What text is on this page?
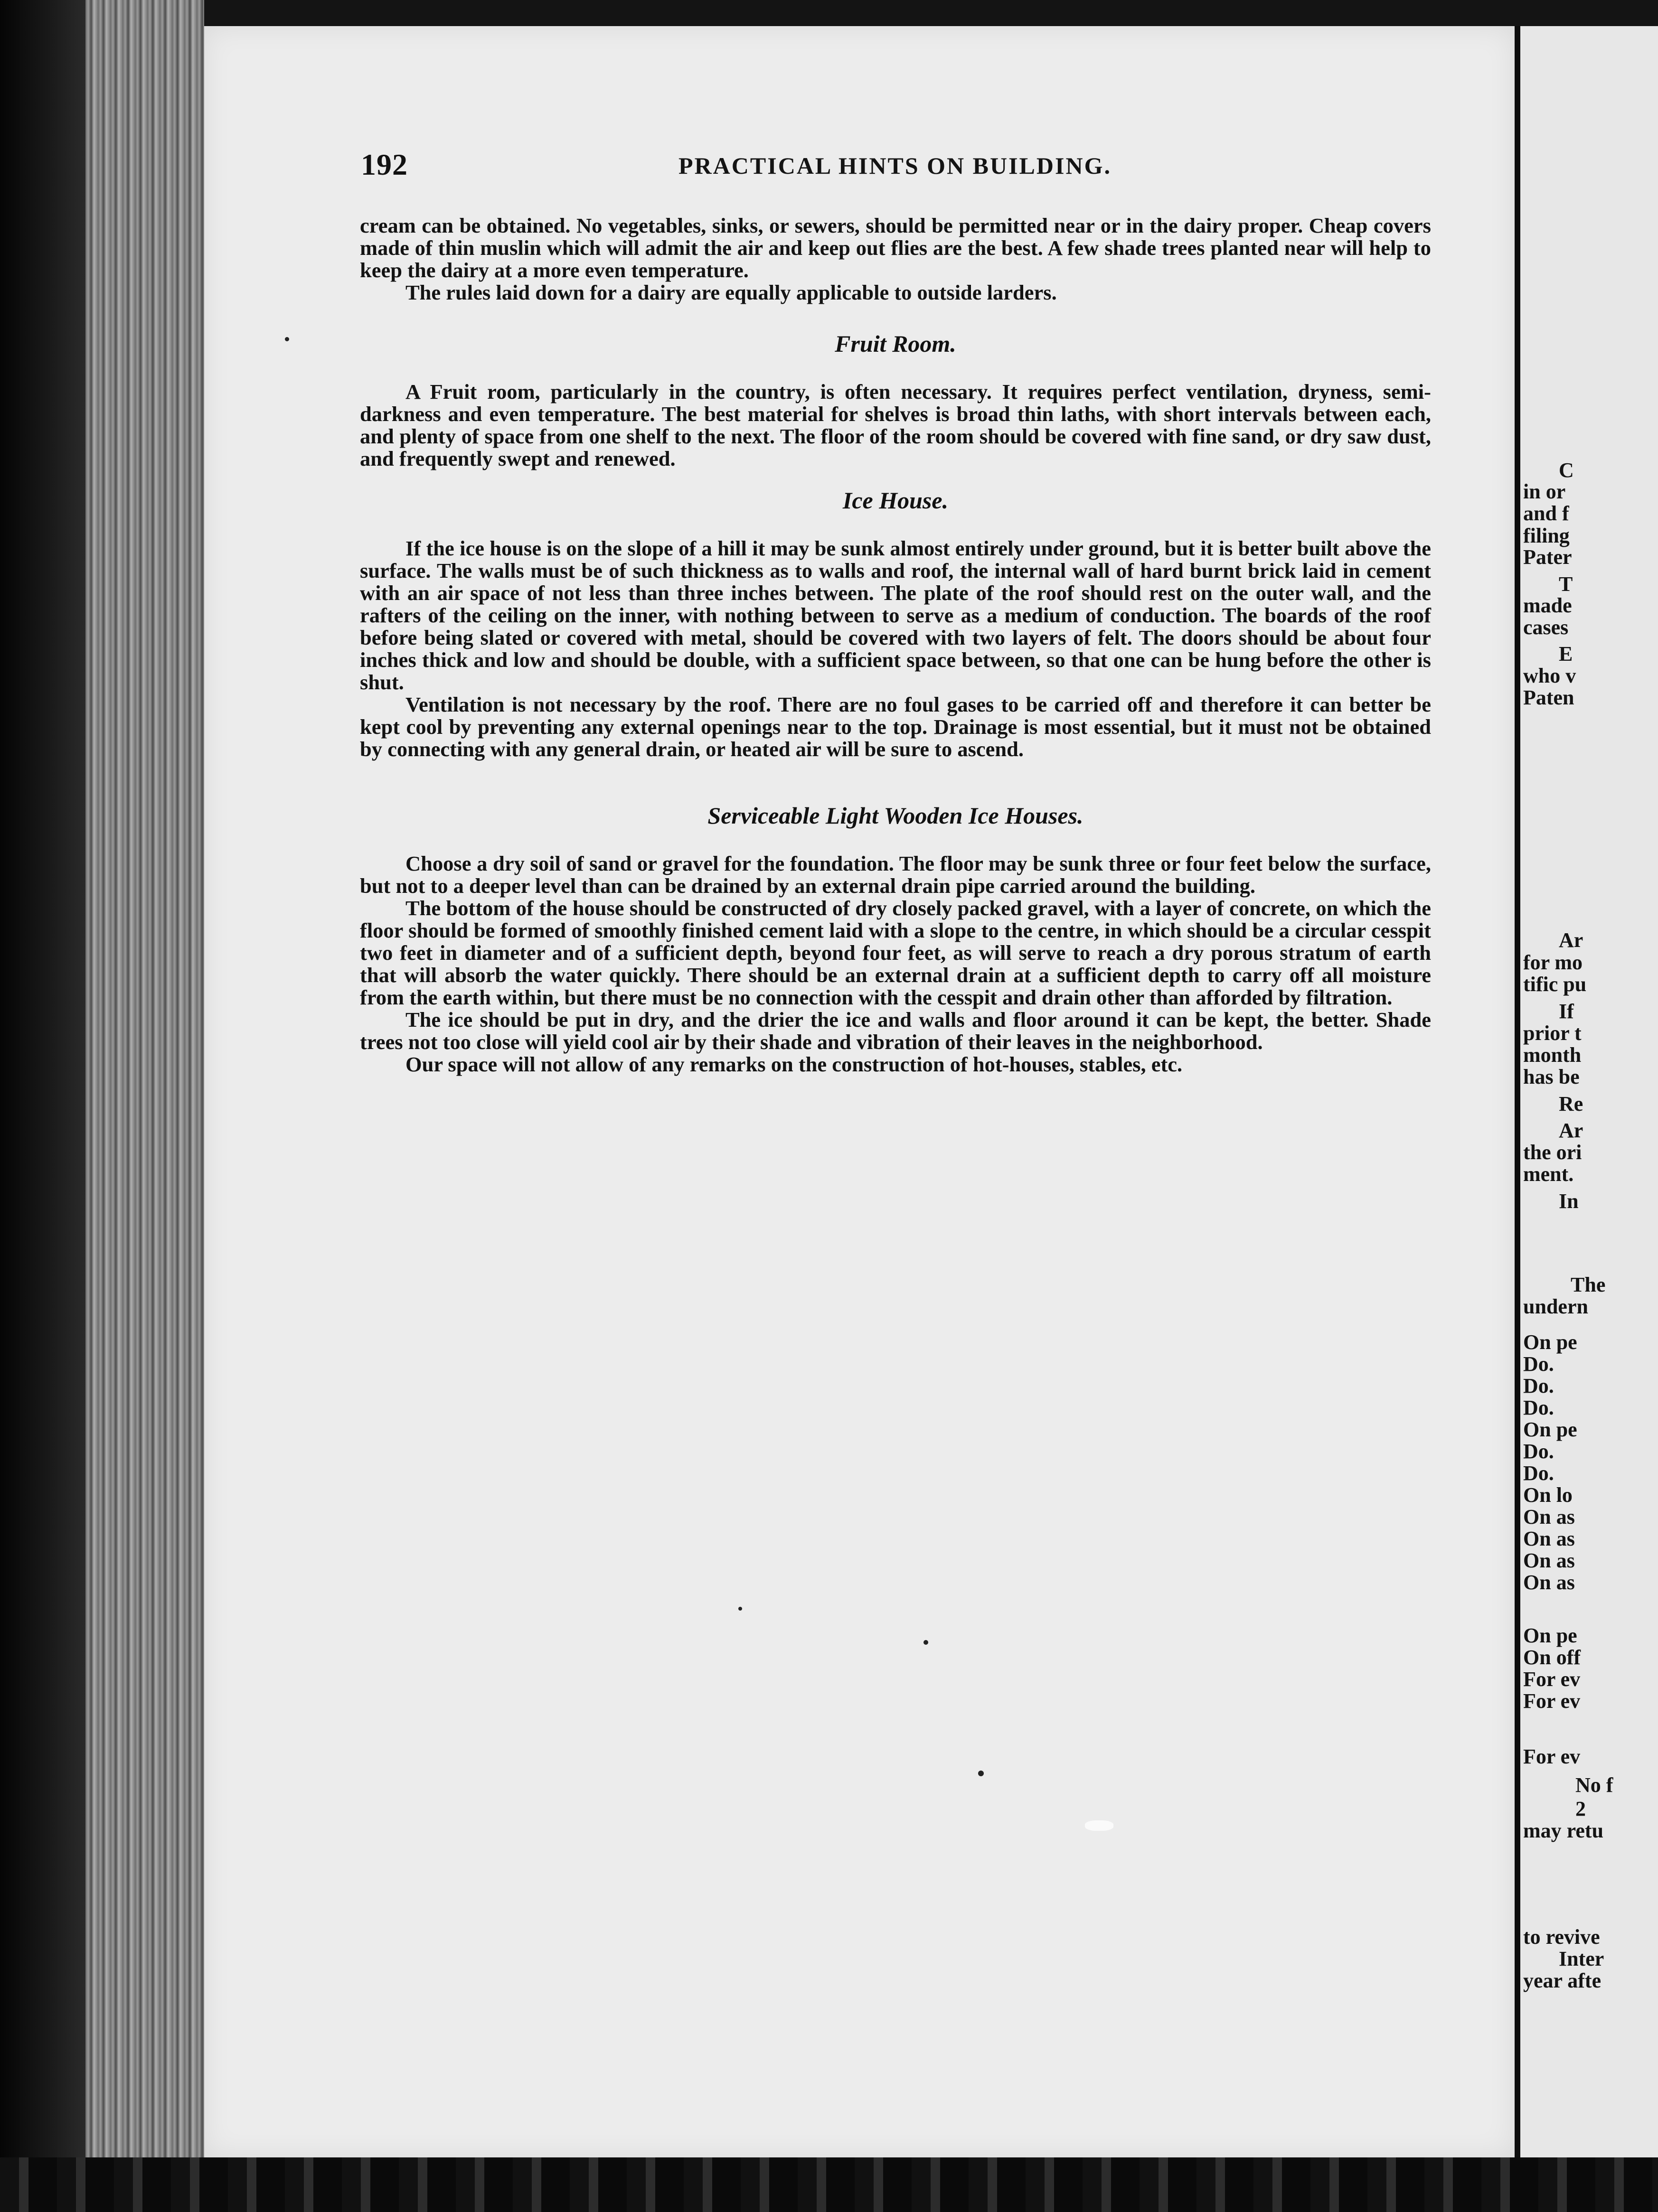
192	PRACTICAL HINTS ON BUILDING.

cream can be obtained. No vegetables, sinks, or sewers, should be permitted near or in the dairy proper. Cheap covers made of thin muslin which will admit the air and keep out flies are the best. A few shade trees planted near will help to keep the dairy at a more even temperature.

The rules laid down for a dairy are equally applicable to outside larders.

Fruit Room.

A Fruit room, particularly in the country, is often necessary. It requires perfect ventilation, dryness, semi-darkness and even temperature. The best material for shelves is broad thin laths, with short intervals between each, and plenty of space from one shelf to the next. The floor of the room should be covered with fine sand, or dry saw dust, and frequently swept and renewed.

Ice House.

If the ice house is on the slope of a hill it may be sunk almost entirely under ground, but it is better built above the surface. The walls must be of such thickness as to walls and roof, the internal wall of hard burnt brick laid in cement with an air space of not less than three inches between. The plate of the roof should rest on the outer wall, and the rafters of the ceiling on the inner, with nothing between to serve as a medium of conduction. The boards of the roof before being slated or covered with metal, should be covered with two layers of felt. The doors should be about four inches thick and low and should be double, with a sufficient space between, so that one can be hung before the other is shut.

Ventilation is not necessary by the roof. There are no foul gases to be carried off and therefore it can better be kept cool by preventing any external openings near to the top. Drainage is most essential, but it must not be obtained by connecting with any general drain, or heated air will be sure to ascend.

Serviceable Light Wooden Ice Houses.

Choose a dry soil of sand or gravel for the foundation. The floor may be sunk three or four feet below the surface, but not to a deeper level than can be drained by an external drain pipe carried around the building.

The bottom of the house should be constructed of dry closely packed gravel, with a layer of concrete, on which the floor should be formed of smoothly finished cement laid with a slope to the centre, in which should be a circular cesspit two feet in diameter and of a sufficient depth, beyond four feet, as will serve to reach a dry porous stratum of earth that will absorb the water quickly. There should be an external drain at a sufficient depth to carry off all moisture from the earth within, but there must be no connection with the cesspit and drain other than afforded by filtration.

The ice should be put in dry, and the drier the ice and walls and floor around it can be kept, the better. Shade trees not too close will yield cool air by their shade and vibration of their leaves in the neighborhood.

Our space will not allow of any remarks on the construction of hot-houses, stables, etc.

C
in or
and f
filing
Pater
T
made
cases
E
who v
Paten
Ar
for mo
tific pu
If
prior t
month
has be
Re
Ar
the ori
ment.
In
The
undern
On pe
Do.
Do.
Do.
On pe
Do.
Do.
On lo
On as
On as
On as
On as
On pe
On off
For ev
For ev
For ev
No f
2
may retu
to revive
Inter
year afte
